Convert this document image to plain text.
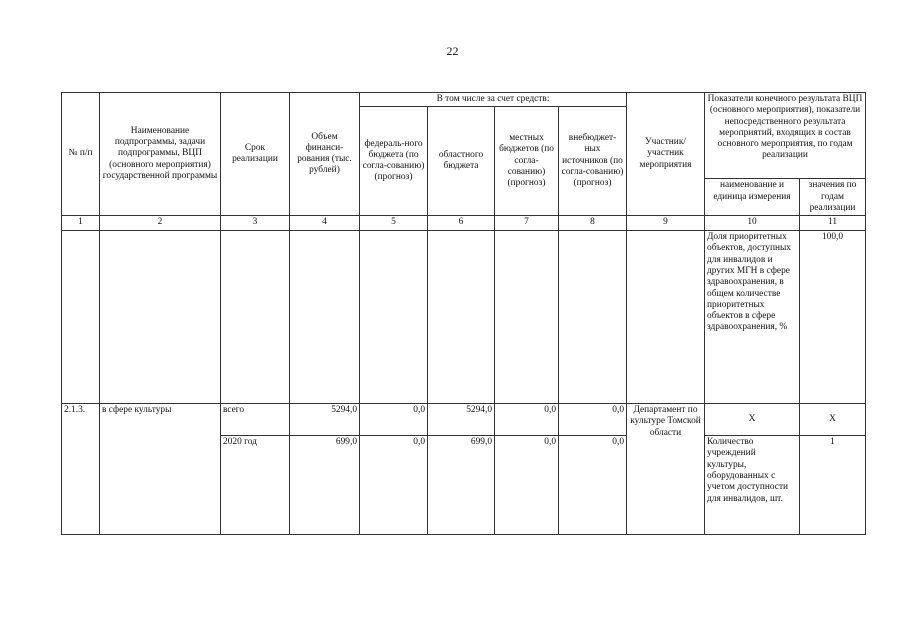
22
№ п/п	Наименование подпрограммы, задачи подпрограммы, ВЦП (основного мероприятия) государственной программы	Срок реализации	Объем финанси-рования (тыс. рублей)	В том числе за счет средств:				Участник/ участник мероприятия	Показатели конечного результата ВЦП (основного мероприятия), показатели непосредственного результата мероприятий, входящих в состав основного мероприятия, по годам реализации	
				федераль-ного бюджета (по согла-сованию) (прогноз)	областного бюджета	местных бюджетов (по согла-сованию) (прогноз)	внебюджет-ных источников (по согла-сованию) (прогноз)			
									наименование и единица измерения	значения по годам реализации
1	2	3	4	5	6	7	8	9	10	11
									Доля приоритетных объектов, доступных для инвалидов и других МГН в сфере здравоохранения, в общем количестве приоритетных объектов в сфере здравоохранения, %	100,0
2.1.3.	в сфере культуры	всего	5294,0	0,0	5294,0	0,0	0,0	Департамент по культуре Томской области	Х	Х
		2020 год	699,0	0,0	699,0	0,0	0,0		Количество учреждений культуры, оборудованных с учетом доступности для инвалидов, шт.	1
